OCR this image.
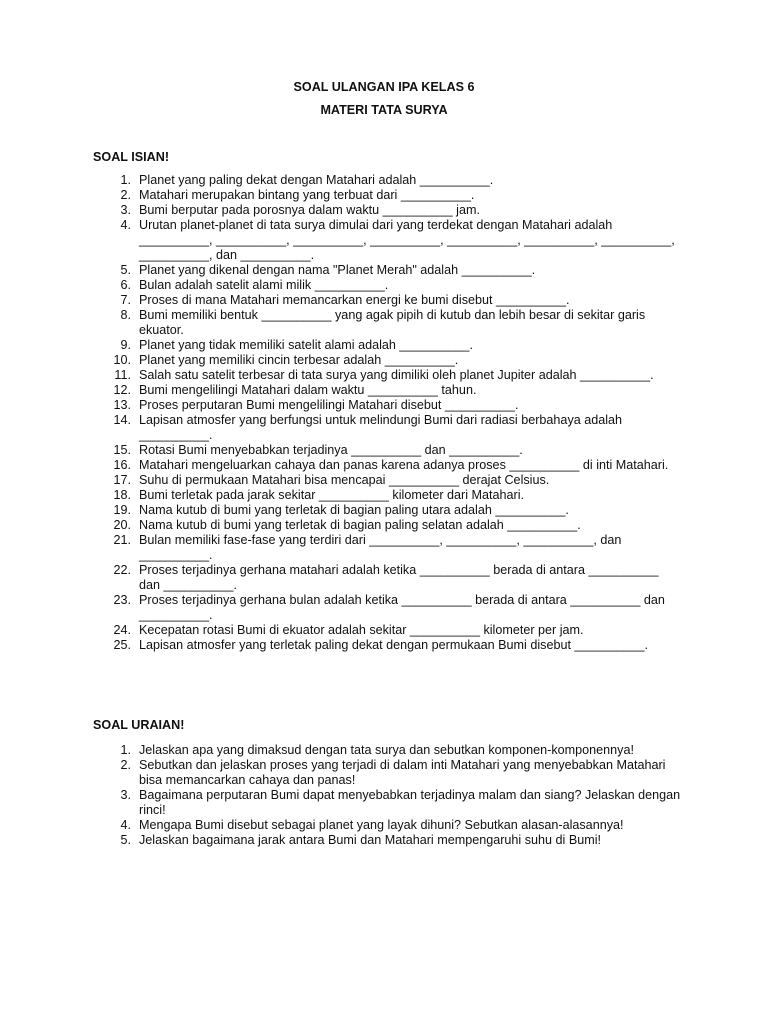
SOAL ULANGAN IPA KELAS 6
MATERI TATA SURYA
SOAL ISIAN!
1. Planet yang paling dekat dengan Matahari adalah __________.
2. Matahari merupakan bintang yang terbuat dari __________.
3. Bumi berputar pada porosnya dalam waktu __________ jam.
4. Urutan planet-planet di tata surya dimulai dari yang terdekat dengan Matahari adalah __________, __________, __________, __________, __________, __________, __________, __________, dan __________.
5. Planet yang dikenal dengan nama "Planet Merah" adalah __________.
6. Bulan adalah satelit alami milik __________.
7. Proses di mana Matahari memancarkan energi ke bumi disebut __________.
8. Bumi memiliki bentuk __________ yang agak pipih di kutub dan lebih besar di sekitar garis ekuator.
9. Planet yang tidak memiliki satelit alami adalah __________.
10. Planet yang memiliki cincin terbesar adalah __________.
11. Salah satu satelit terbesar di tata surya yang dimiliki oleh planet Jupiter adalah __________.
12. Bumi mengelilingi Matahari dalam waktu __________ tahun.
13. Proses perputaran Bumi mengelilingi Matahari disebut __________.
14. Lapisan atmosfer yang berfungsi untuk melindungi Bumi dari radiasi berbahaya adalah __________.
15. Rotasi Bumi menyebabkan terjadinya __________ dan __________.
16. Matahari mengeluarkan cahaya dan panas karena adanya proses __________ di inti Matahari.
17. Suhu di permukaan Matahari bisa mencapai __________ derajat Celsius.
18. Bumi terletak pada jarak sekitar __________ kilometer dari Matahari.
19. Nama kutub di bumi yang terletak di bagian paling utara adalah __________.
20. Nama kutub di bumi yang terletak di bagian paling selatan adalah __________.
21. Bulan memiliki fase-fase yang terdiri dari __________, __________, __________, dan __________.
22. Proses terjadinya gerhana matahari adalah ketika __________ berada di antara __________ dan __________.
23. Proses terjadinya gerhana bulan adalah ketika __________ berada di antara __________ dan __________.
24. Kecepatan rotasi Bumi di ekuator adalah sekitar __________ kilometer per jam.
25. Lapisan atmosfer yang terletak paling dekat dengan permukaan Bumi disebut __________.
SOAL URAIAN!
1. Jelaskan apa yang dimaksud dengan tata surya dan sebutkan komponen-komponennya!
2. Sebutkan dan jelaskan proses yang terjadi di dalam inti Matahari yang menyebabkan Matahari bisa memancarkan cahaya dan panas!
3. Bagaimana perputaran Bumi dapat menyebabkan terjadinya malam dan siang? Jelaskan dengan rinci!
4. Mengapa Bumi disebut sebagai planet yang layak dihuni? Sebutkan alasan-alasannya!
5. Jelaskan bagaimana jarak antara Bumi dan Matahari mempengaruhi suhu di Bumi!
